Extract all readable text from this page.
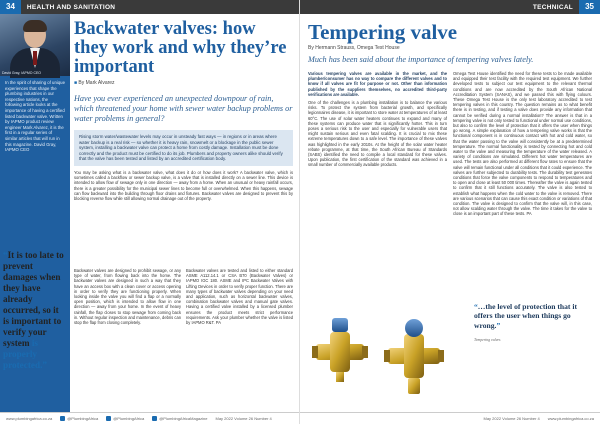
34	HEALTH AND SANITATION
David Gray, IAPMO CEO
In the spirit of sharing of unique experiences that shape the plumbing industries in our respective nations, the following article looks at the importance of having a certified listed backwater valve. Written by IAPMO product review engineer Mark Alvarez, it is the first in a regular series of similar articles that will run in this magazine. David Gray, IAPMO CEO
“It is too late to prevent damages when they have already occurred, so it is important to verify your system is properly protected.”
Backwater valves: how they work and why they’re important
■ By Mark Alvarez

Have you ever experienced an unexpected downpour of rain, which threatened your home with sewer water backup problems or water problems in general?

Rising storm water/wastewater levels may occur in unsteady fast ways — in regions or in areas where water backup is a real risk — so whether it is heavy rain, snowmelt or a blockage in the public sewer system, installing a backwater valve can protect a home from costly damage. Installation must be done correctly and the product must be certified to do its job. Plumbers and property owners alike should verify that the valve has been tested and listed by an accredited certification body.
You may be asking what is a backwater valve, what does it do or how does it work? A backwater valve, which is sometimes called a backflow or sewer backup valve, is a valve that is installed directly on a sewer line. This device is intended to allow flow of sewage only in one direction — away from a home. When an unusual or heavy rainfall occurs, there is a greater possibility for the municipal sewer lines to become full or overwhelmed. When this happens, sewage can flow backward into the building through floor drains and fixtures. Backwater valves are designed to prevent this by blocking reverse flow while still allowing normal drainage out of the property.
Backwater valves are designed to prohibit sewage, or any type of water, from flowing back into the home. The backwater valves are designed in such a way that they have an access box with a clean cover or access opening in order to verify they are functioning properly. When looking inside the valve you will find a flap or a normally open position, which is intended to allow flow in one direction — away from your home. In the event of heavy rainfall, the flap closes to stop sewage from coming back in. Without regular inspection and maintenance, debris can stop the flap from closing completely.
Backwater valves are tested and listed to either standard ASME A112.14.1 or CSA B70 (Backwater Valves) or IAPMO IGC 180. ASME and IPC Backwater Valves with Lifting Devices in order to verify proper function. There are many types of backwater valves depending on your need and application, such as horizontal backwater valves, combination backwater valves and manual gate valves. Having a certified valve installed by a licensed plumber ensures the product meets strict performance requirements. Ask your plumber whether the valve is listed by IAPMO R&T. PA
www.plumbingafrica.co.za	@PlumbingAfrica	@PlumbingAfrica	@PlumbingAfricaMagazine May 2022 Volume 26 Number 4
TECHNICAL	35
Tempering valve
By Hermann Strauss, Omega Test House

Much has been said about the importance of tempering valves lately.

Various tempering valves are available in the market, and the plumber/consumer has no way to compare the different valves and to know if all valves are fit for purpose or not. Other than information published by the suppliers themselves, no accredited third-party verifications are available.

One of the challenges is a plumbing installation is to balance the various risks. To protect the system from bacterial growth, and specifically legionnaires disease, it is important to store water at temperatures of at least 60°C. The use of solar water heaters continues to expand and many of these systems can produce water that is significantly hotter. This in turn poses a serious risk to the user and especially for vulnerable users that might sustain serious and even fatal scalding. It is crucial to mix these extreme temperatures down to a safe level. The importance of these valves was highlighted in the early 2010s. At the height of the solar water heater rebate programme, at that time, the South African Bureau of Standards (SABS) identified the need to compile a local standard for these valves. Upon publication, the first certification of the standard was achieved in a small number of commercially available products.

Omega Test House identified the need for these tests to be made available and equipped their test facility with the required test equipment. We further developed tests to subject our test equipment to the relevant thermal conditions and are now accredited by the South African National Accreditation System (SANAS), and we passed this with flying colours. These Omega Test House is the only test laboratory accredited to test tempering valves in this country. The question remains as to what benefit there is in testing, and if testing a valve does provide any information that cannot be verified during a normal installation? The answer is that in a tempering valve is not only tested to functional under normal use conditions, but also to confirm the level of protection that it offers the user when things go wrong. A simple explanation of how a tempering valve works is that the functional component is in continuous contact with hot and cold water, so that the water passing to the valve will consistently be at a predetermined temperature. The normal functionality is tested by connecting hot and cold water to the valve and measuring the temperature of the water released. A variety of conditions are simulated. Different hot water temperatures are used. The tests are also performed at different flow rates to ensure that the valve will remain functional under all conditions that it could experience. The valves are further subjected to durability tests. The durability test generates conditions that force the valve components to respond to temperatures and to open and close at least 50 000 times. Thereafter the valve is again tested to confirm that it still functions accurately. The valve is also tested to establish what happens when the cold water to the valve is removed. There are various scenarios that can cause this exact condition or variations of that condition. The valve is designed to confirm that the valve will, in this case, not allow scalding water through the valve. The time it takes for the valve to close is an important part of these tests. PA
“…the level of protection that it offers the user when things go wrong.”
Tempering valves
May 2022 Volume 26 Number 4 www.plumbingafrica.co.za
